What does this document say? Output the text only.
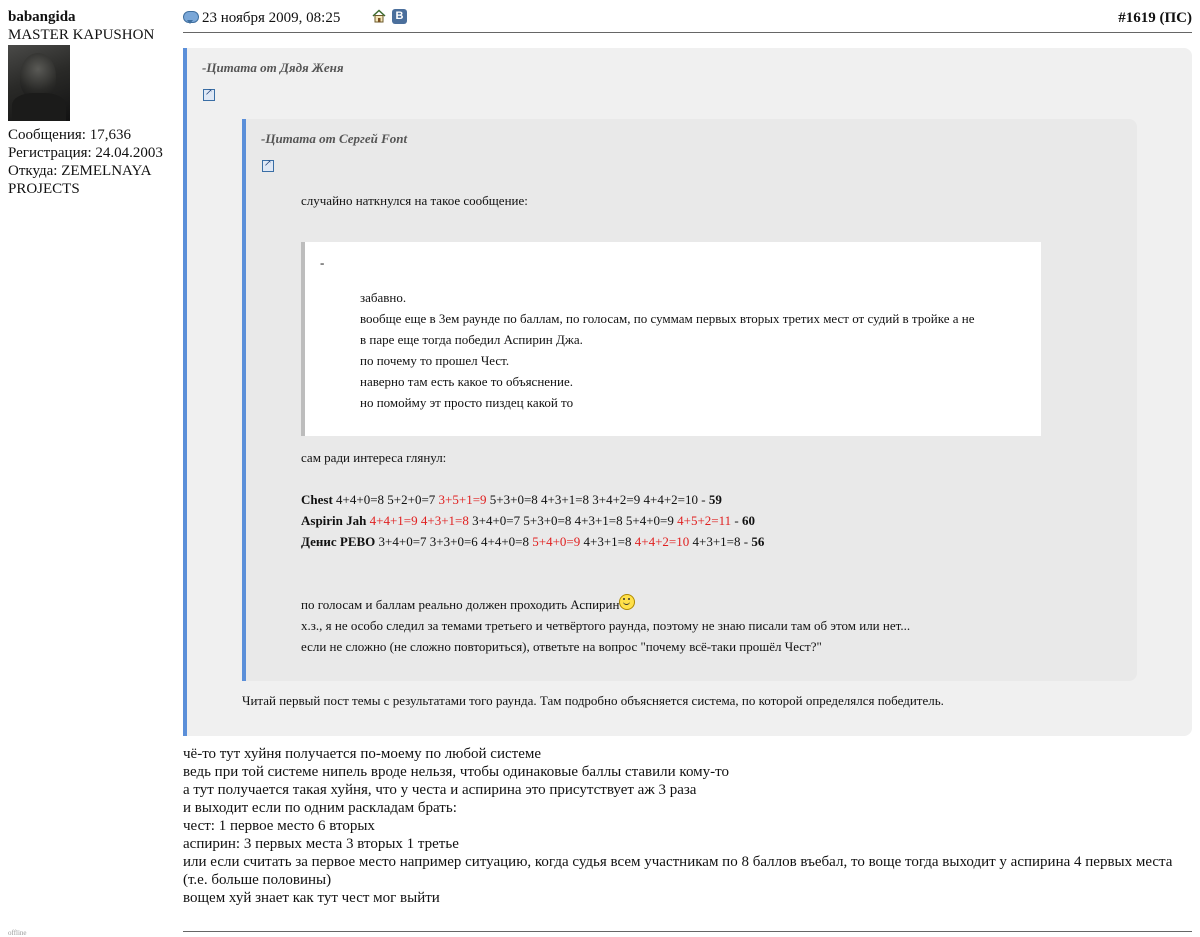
babangida
MASTER KAPUSHON
Сообщения: 17,636
Регистрация: 24.04.2003
Откуда: ZEMELNAYA
PROJECTS
offline
23 ноября 2009, 08:25	В	#1619 (ПС)
-Цитата от Дядя Женя
↗
Читай первый пост темы с результатами того раунда. Там подробно объясняется система, по которой определялся победитель.
-Цитата от Сергей Font
↗
случайно наткнулся на такое сообщение:
сам ради интереса глянул:
Chest 4+4+0=8 5+2+0=7 3+5+1=9 5+3+0=8 4+3+1=8 3+4+2=9 4+4+2=10 - 59
Aspirin Jah 4+4+1=9 4+3+1=8 3+4+0=7 5+3+0=8 4+3+1=8 5+4+0=9 4+5+2=11 - 60
Денис РЕВО 3+4+0=7 3+3+0=6 4+4+0=8 5+4+0=9 4+3+1=8 4+4+2=10 4+3+1=8 - 56
по голосам и баллам реально должен проходить Аспирин
х.з., я не особо следил за темами третьего и четвёртого раунда, поэтому не знаю писали там об этом или нет...
если не сложно (не сложно повториться), ответьте на вопрос "почему всё-таки прошёл Чест?"
-
забавно.
вообще еще в 3ем раунде по баллам, по голосам, по суммам первых вторых третих мест от судий в тройке а не
в паре еще тогда победил Аспирин Джа.
по почему то прошел Чест.
наверно там есть какое то объяснение.
но помойму эт просто пиздец какой то

чё-то тут хуйня получается по-моему по любой системе

ведь при той системе нипель вроде нельзя, чтобы одинаковые баллы ставили кому-то

а тут получается такая хуйня, что у честа и аспирина это присутствует аж 3 раза

и выходит если по одним раскладам брать:

чест: 1 первое место 6 вторых

аспирин: 3 первых места 3 вторых 1 третье

или если считать за первое место например ситуацию, когда судья всем участникам по 8 баллов въебал, то воще тогда выходит у аспирина 4 первых места (т.е. больше половины)

вощем хуй знает как тут чест мог выйти
